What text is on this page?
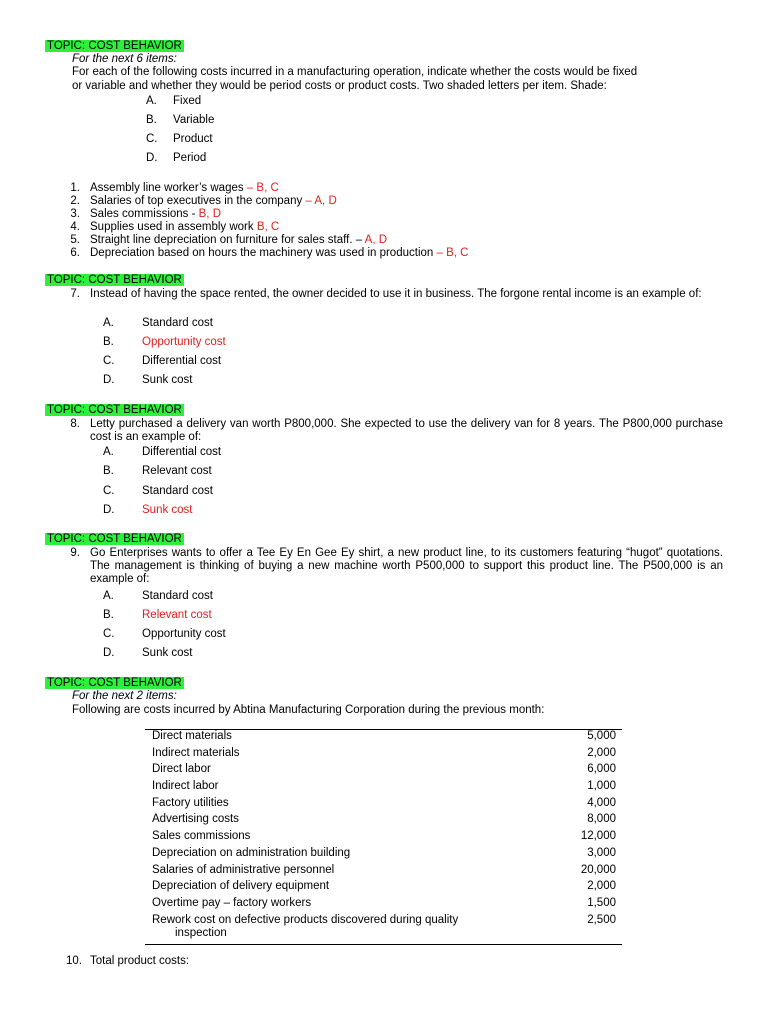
TOPIC: COST BEHAVIOR
For the next 6 items:
For each of the following costs incurred in a manufacturing operation, indicate whether the costs would be fixed
or variable and whether they would be period costs or product costs. Two shaded letters per item. Shade:
A. Fixed
B. Variable
C. Product
D. Period
1. Assembly line worker’s wages – B, C
2. Salaries of top executives in the company – A, D
3. Sales commissions - B, D
4. Supplies used in assembly work B, C
5. Straight line depreciation on furniture for sales staff. – A, D
6. Depreciation based on hours the machinery was used in production – B, C
TOPIC: COST BEHAVIOR
7. Instead of having the space rented, the owner decided to use it in business. The forgone rental income is an example of:
A. Standard cost
B. Opportunity cost
C. Differential cost
D. Sunk cost
TOPIC: COST BEHAVIOR
8. Letty purchased a delivery van worth P800,000. She expected to use the delivery van for 8 years. The P800,000 purchase cost is an example of:
A. Differential cost
B. Relevant cost
C. Standard cost
D. Sunk cost
TOPIC: COST BEHAVIOR
9. Go Enterprises wants to offer a Tee Ey En Gee Ey shirt, a new product line, to its customers featuring “hugot” quotations. The management is thinking of buying a new machine worth P500,000 to support this product line. The P500,000 is an example of:
A. Standard cost
B. Relevant cost
C. Opportunity cost
D. Sunk cost
TOPIC: COST BEHAVIOR
For the next 2 items:
Following are costs incurred by Abtina Manufacturing Corporation during the previous month:
Direct materials	5,000
Indirect materials	2,000
Direct labor	6,000
Indirect labor	1,000
Factory utilities	4,000
Advertising costs	8,000
Sales commissions	12,000
Depreciation on administration building	3,000
Salaries of administrative personnel	20,000
Depreciation of delivery equipment	2,000
Overtime pay – factory workers	1,500

Rework cost on defective products discovered during quality
inspection	2,500
10. Total product costs:
